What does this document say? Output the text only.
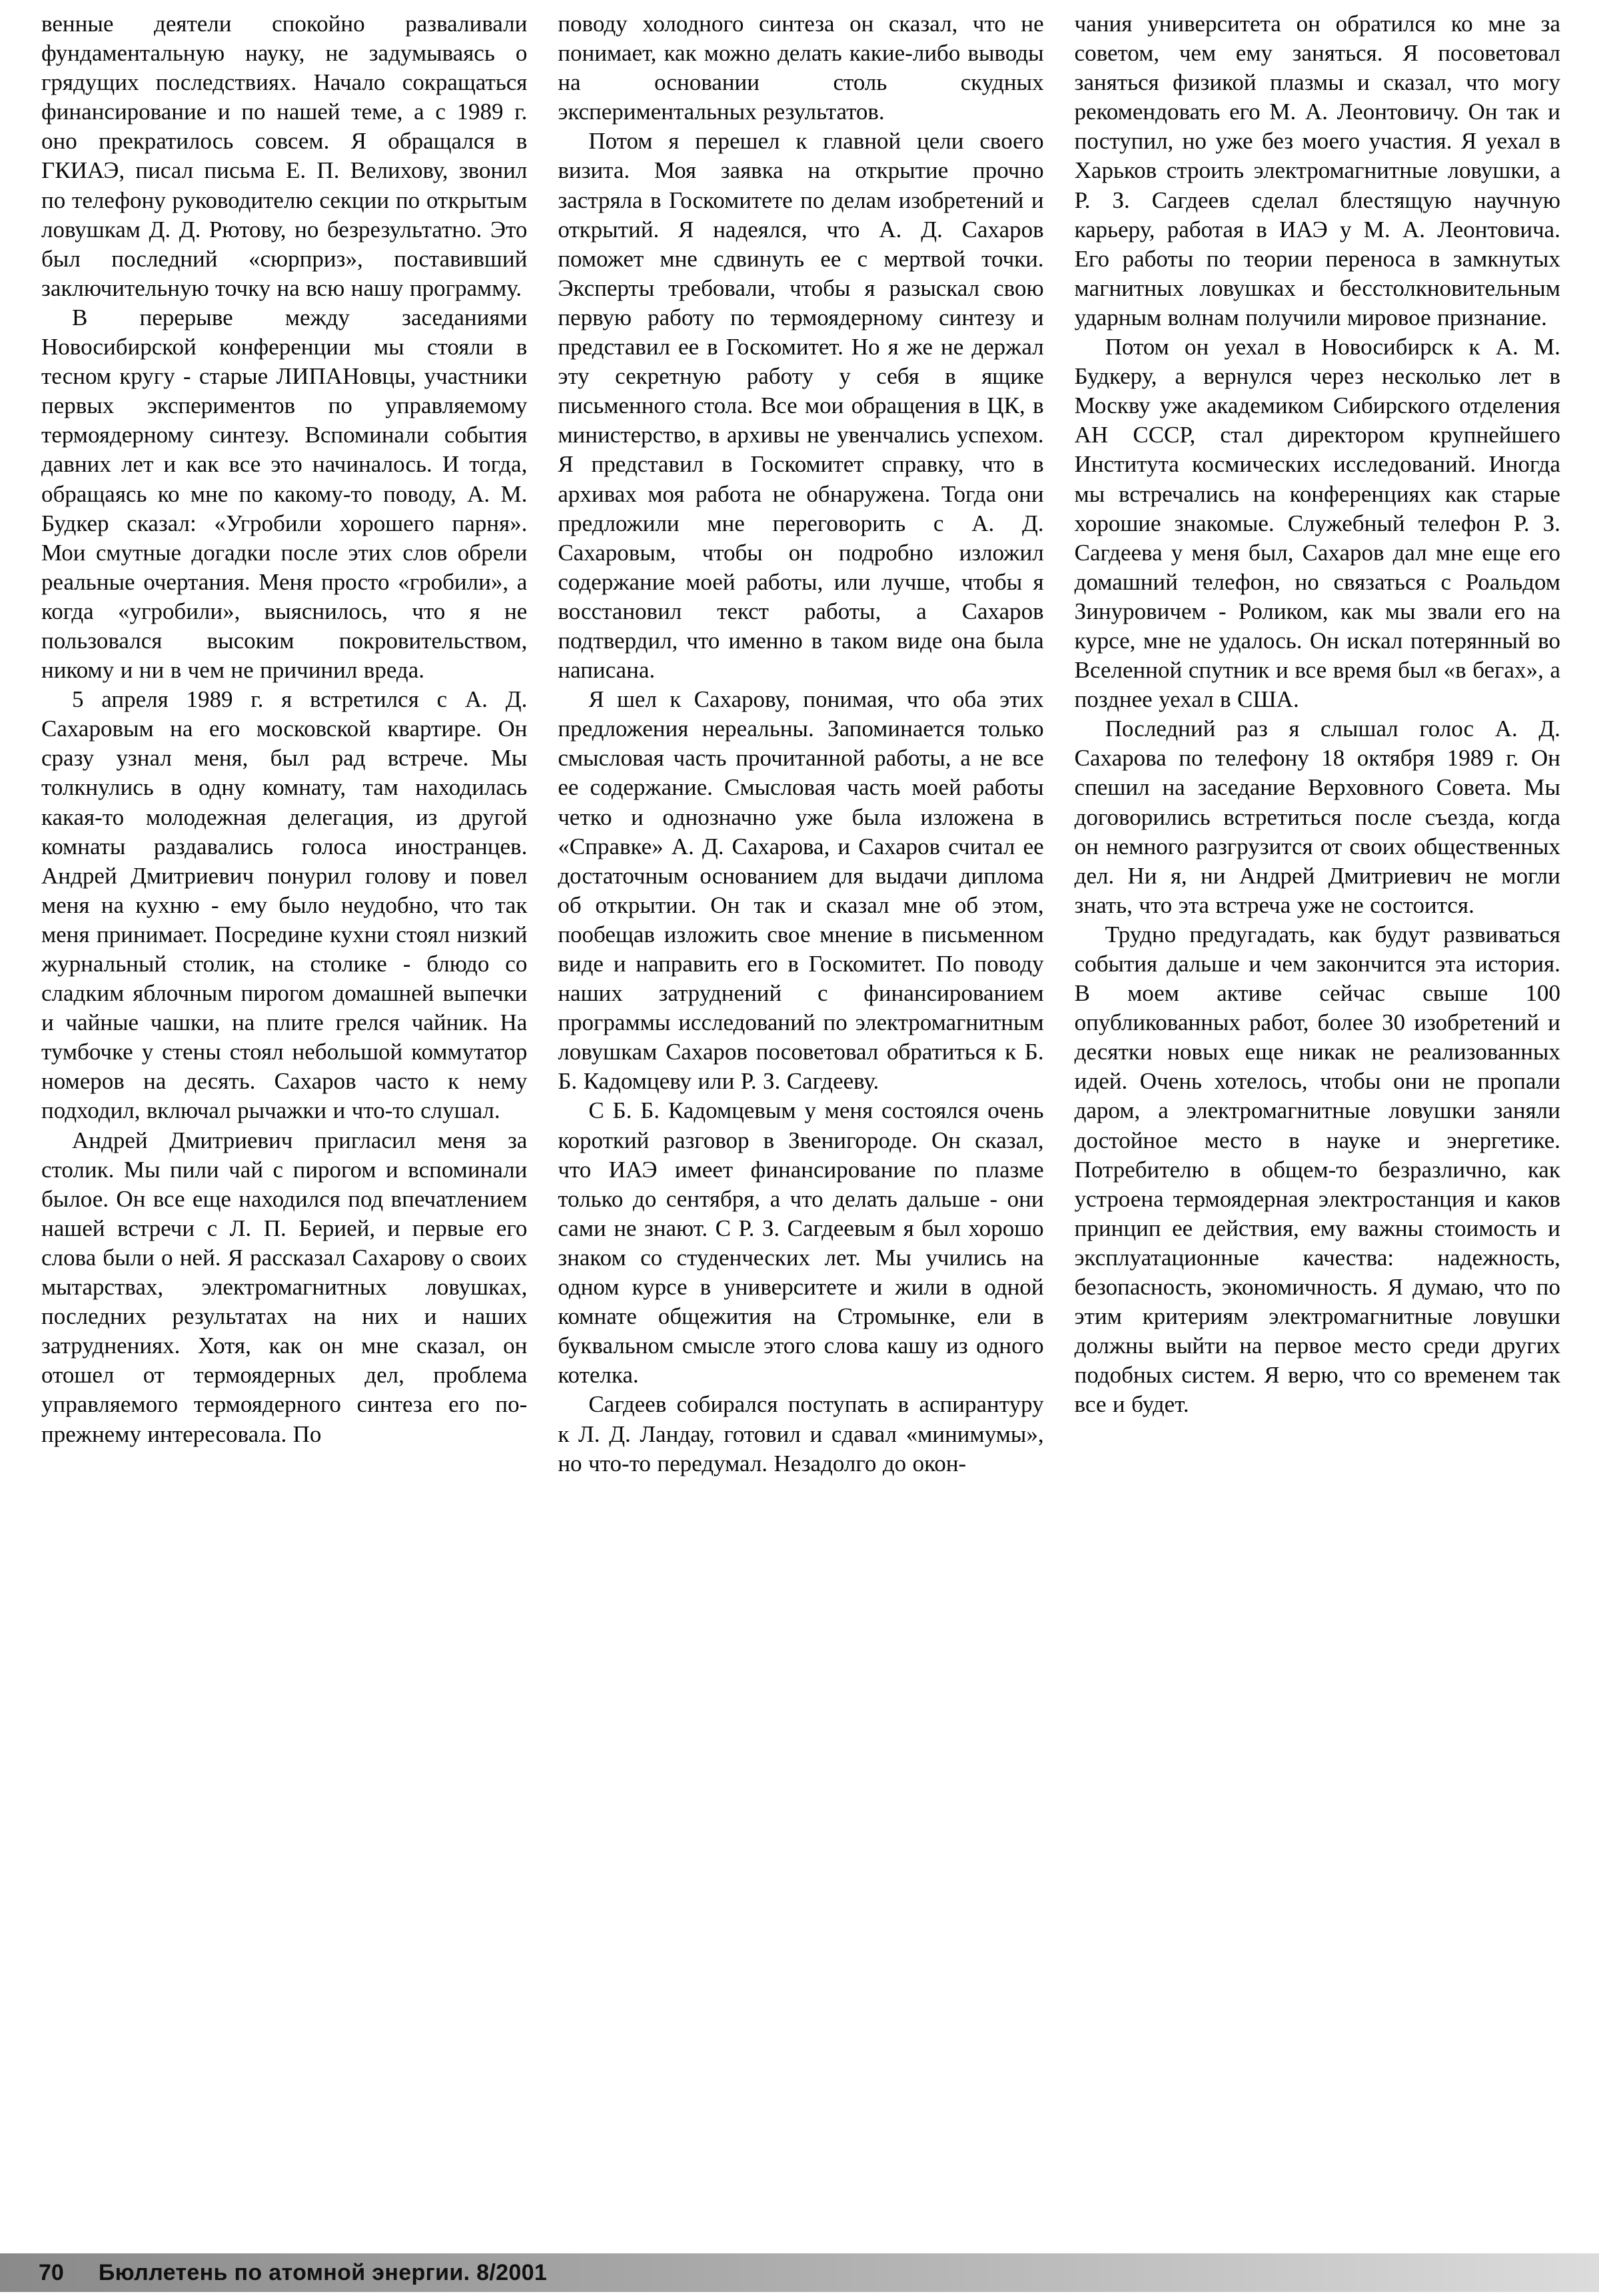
венные деятели спокойно разваливали фундаментальную науку, не задумываясь о грядущих последствиях. Начало сокращаться финансирование и по нашей теме, а с 1989 г. оно прекратилось совсем. Я обращался в ГКИАЭ, писал письма Е. П. Велихову, звонил по телефону руководителю секции по открытым ловушкам Д. Д. Рютову, но безрезультатно. Это был последний «сюрприз», поставивший заключительную точку на всю нашу программу.

В перерыве между заседаниями Новосибирской конференции мы стояли в тесном кругу - старые ЛИПАНовцы, участники первых экспериментов по управляемому термоядерному синтезу. Вспоминали события давних лет и как все это начиналось. И тогда, обращаясь ко мне по какому-то поводу, А. М. Будкер сказал: «Угробили хорошего парня». Мои смутные догадки после этих слов обрели реальные очертания. Меня просто «гробили», а когда «угробили», выяснилось, что я не пользовался высоким покровительством, никому и ни в чем не причинил вреда.

5 апреля 1989 г. я встретился с А. Д. Сахаровым на его московской квартире. Он сразу узнал меня, был рад встрече. Мы толкнулись в одну комнату, там находилась какая-то молодежная делегация, из другой комнаты раздавались голоса иностранцев. Андрей Дмитриевич понурил голову и повел меня на кухню - ему было неудобно, что так меня принимает. Посредине кухни стоял низкий журнальный столик, на столике - блюдо со сладким яблочным пирогом домашней выпечки и чайные чашки, на плите грелся чайник. На тумбочке у стены стоял небольшой коммутатор номеров на десять. Сахаров часто к нему подходил, включал рычажки и что-то слушал.

Андрей Дмитриевич пригласил меня за столик. Мы пили чай с пирогом и вспоминали былое. Он все еще находился под впечатлением нашей встречи с Л. П. Берией, и первые его слова были о ней. Я рассказал Сахарову о своих мытарствах, электромагнитных ловушках, последних результатах на них и наших затруднениях. Хотя, как он мне сказал, он отошел от термоядерных дел, проблема управляемого термоядерного синтеза его по-прежнему интересовала. По

поводу холодного синтеза он сказал, что не понимает, как можно делать какие-либо выводы на основании столь скудных экспериментальных результатов.

Потом я перешел к главной цели своего визита. Моя заявка на открытие прочно застряла в Госкомитете по делам изобретений и открытий. Я надеялся, что А. Д. Сахаров поможет мне сдвинуть ее с мертвой точки. Эксперты требовали, чтобы я разыскал свою первую работу по термоядерному синтезу и представил ее в Госкомитет. Но я же не держал эту секретную работу у себя в ящике письменного стола. Все мои обращения в ЦК, в министерство, в архивы не увенчались успехом. Я представил в Госкомитет справку, что в архивах моя работа не обнаружена. Тогда они предложили мне переговорить с А. Д. Сахаровым, чтобы он подробно изложил содержание моей работы, или лучше, чтобы я восстановил текст работы, а Сахаров подтвердил, что именно в таком виде она была написана.

Я шел к Сахарову, понимая, что оба этих предложения нереальны. Запоминается только смысловая часть прочитанной работы, а не все ее содержание. Смысловая часть моей работы четко и однозначно уже была изложена в «Справке» А. Д. Сахарова, и Сахаров считал ее достаточным основанием для выдачи диплома об открытии. Он так и сказал мне об этом, пообещав изложить свое мнение в письменном виде и направить его в Госкомитет. По поводу наших затруднений с финансированием программы исследований по электромагнитным ловушкам Сахаров посоветовал обратиться к Б. Б. Кадомцеву или Р. З. Сагдееву.

С Б. Б. Кадомцевым у меня состоялся очень короткий разговор в Звенигороде. Он сказал, что ИАЭ имеет финансирование по плазме только до сентября, а что делать дальше - они сами не знают. С Р. З. Сагдеевым я был хорошо знаком со студенческих лет. Мы учились на одном курсе в университете и жили в одной комнате общежития на Стромынке, ели в буквальном смысле этого слова кашу из одного котелка.

Сагдеев собирался поступать в аспирантуру к Л. Д. Ландау, готовил и сдавал «минимумы», но что-то передумал. Незадолго до окон-

чания университета он обратился ко мне за советом, чем ему заняться. Я посоветовал заняться физикой плазмы и сказал, что могу рекомендовать его М. А. Леонтовичу. Он так и поступил, но уже без моего участия. Я уехал в Харьков строить электромагнитные ловушки, а Р. З. Сагдеев сделал блестящую научную карьеру, работая в ИАЭ у М. А. Леонтовича. Его работы по теории переноса в замкнутых магнитных ловушках и бесстолкновительным ударным волнам получили мировое признание.

Потом он уехал в Новосибирск к А. М. Будкеру, а вернулся через несколько лет в Москву уже академиком Сибирского отделения АН СССР, стал директором крупнейшего Института космических исследований. Иногда мы встречались на конференциях как старые хорошие знакомые. Служебный телефон Р. З. Сагдеева у меня был, Сахаров дал мне еще его домашний телефон, но связаться с Роальдом Зинуровичем - Роликом, как мы звали его на курсе, мне не удалось. Он искал потерянный во Вселенной спутник и все время был «в бегах», а позднее уехал в США.

Последний раз я слышал голос А. Д. Сахарова по телефону 18 октября 1989 г. Он спешил на заседание Верховного Совета. Мы договорились встретиться после съезда, когда он немного разгрузится от своих общественных дел. Ни я, ни Андрей Дмитриевич не могли знать, что эта встреча уже не состоится.

Трудно предугадать, как будут развиваться события дальше и чем закончится эта история. В моем активе сейчас свыше 100 опубликованных работ, более 30 изобретений и десятки новых еще никак не реализованных идей. Очень хотелось, чтобы они не пропали даром, а электромагнитные ловушки заняли достойное место в науке и энергетике. Потребителю в общем-то безразлично, как устроена термоядерная электростанция и каков принцип ее действия, ему важны стоимость и эксплуатационные качества: надежность, безопасность, экономичность. Я думаю, что по этим критериям электромагнитные ловушки должны выйти на первое место среди других подобных систем. Я верю, что со временем так все и будет.

70 Бюллетень по атомной энергии. 8/2001
